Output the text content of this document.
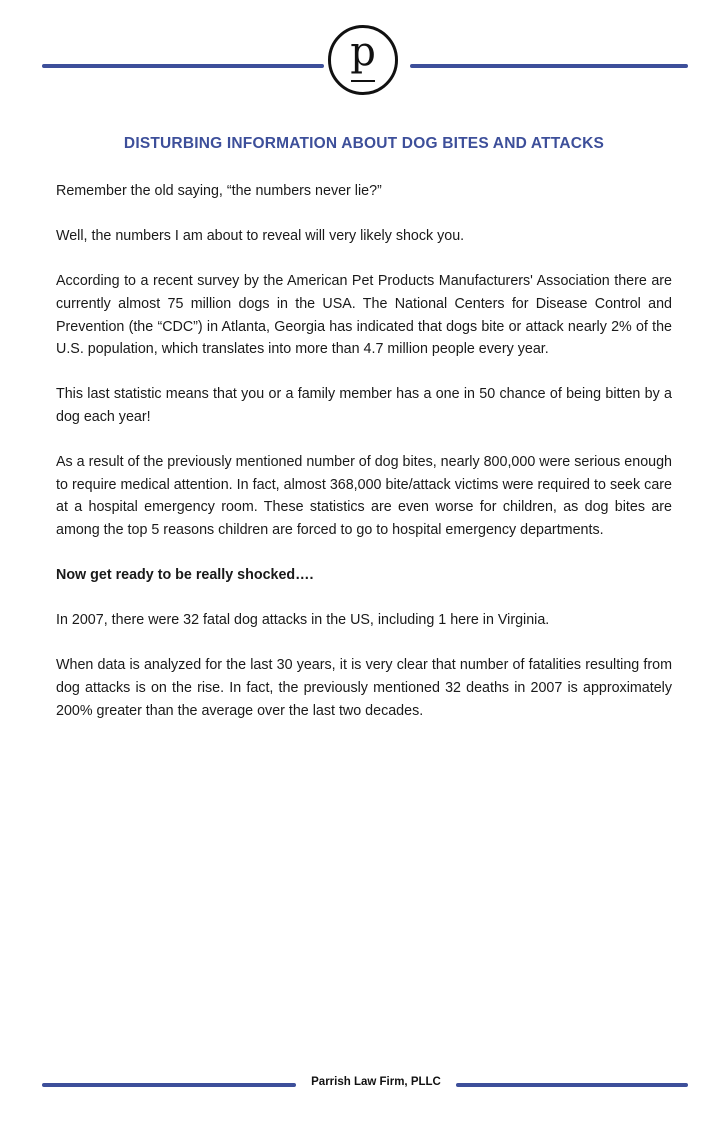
p
DISTURBING INFORMATION ABOUT DOG BITES AND ATTACKS

Remember the old saying, “the numbers never lie?”

Well, the numbers I am about to reveal will very likely shock you.

According to a recent survey by the American Pet Products Manufacturers' Association there are currently almost 75 million dogs in the USA. The National Centers for Disease Control and Prevention (the “CDC”) in Atlanta, Georgia has indicated that dogs bite or attack nearly 2% of the U.S. population, which translates into more than 4.7 million people every year.

This last statistic means that you or a family member has a one in 50 chance of being bitten by a dog each year!

As a result of the previously mentioned number of dog bites, nearly 800,000 were serious enough to require medical attention. In fact, almost 368,000 bite/attack victims were required to seek care at a hospital emergency room. These statistics are even worse for children, as dog bites are among the top 5 reasons children are forced to go to hospital emergency departments.

Now get ready to be really shocked….

In 2007, there were 32 fatal dog attacks in the US, including 1 here in Virginia.

When data is analyzed for the last 30 years, it is very clear that number of fatalities resulting from dog attacks is on the rise. In fact, the previously mentioned 32 deaths in 2007 is approximately 200% greater than the average over the last two decades.

Parrish Law Firm, PLLC
